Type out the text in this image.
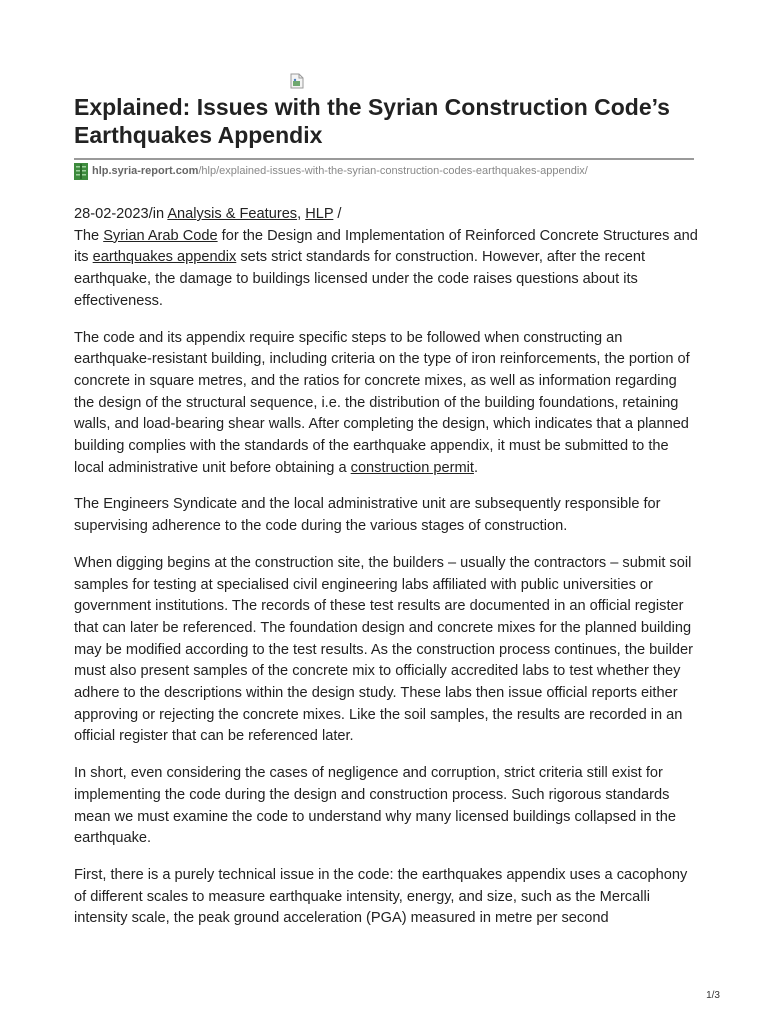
Explained: Issues with the Syrian Construction Code’s Earthquakes Appendix
hlp.syria-report.com/hlp/explained-issues-with-the-syrian-construction-codes-earthquakes-appendix/
28-02-2023/in Analysis & Features, HLP /

The Syrian Arab Code for the Design and Implementation of Reinforced Concrete Structures and its earthquakes appendix sets strict standards for construction. However, after the recent earthquake, the damage to buildings licensed under the code raises questions about its effectiveness.

The code and its appendix require specific steps to be followed when constructing an earthquake-resistant building, including criteria on the type of iron reinforcements, the portion of concrete in square metres, and the ratios for concrete mixes, as well as information regarding the design of the structural sequence, i.e. the distribution of the building foundations, retaining walls, and load-bearing shear walls. After completing the design, which indicates that a planned building complies with the standards of the earthquake appendix, it must be submitted to the local administrative unit before obtaining a construction permit.

The Engineers Syndicate and the local administrative unit are subsequently responsible for supervising adherence to the code during the various stages of construction.

When digging begins at the construction site, the builders – usually the contractors – submit soil samples for testing at specialised civil engineering labs affiliated with public universities or government institutions. The records of these test results are documented in an official register that can later be referenced. The foundation design and concrete mixes for the planned building may be modified according to the test results. As the construction process continues, the builder must also present samples of the concrete mix to officially accredited labs to test whether they adhere to the descriptions within the design study. These labs then issue official reports either approving or rejecting the concrete mixes. Like the soil samples, the results are recorded in an official register that can be referenced later.

In short, even considering the cases of negligence and corruption, strict criteria still exist for implementing the code during the design and construction process. Such rigorous standards mean we must examine the code to understand why many licensed buildings collapsed in the earthquake.

First, there is a purely technical issue in the code: the earthquakes appendix uses a cacophony of different scales to measure earthquake intensity, energy, and size, such as the Mercalli intensity scale, the peak ground acceleration (PGA) measured in metre per second

1/3
